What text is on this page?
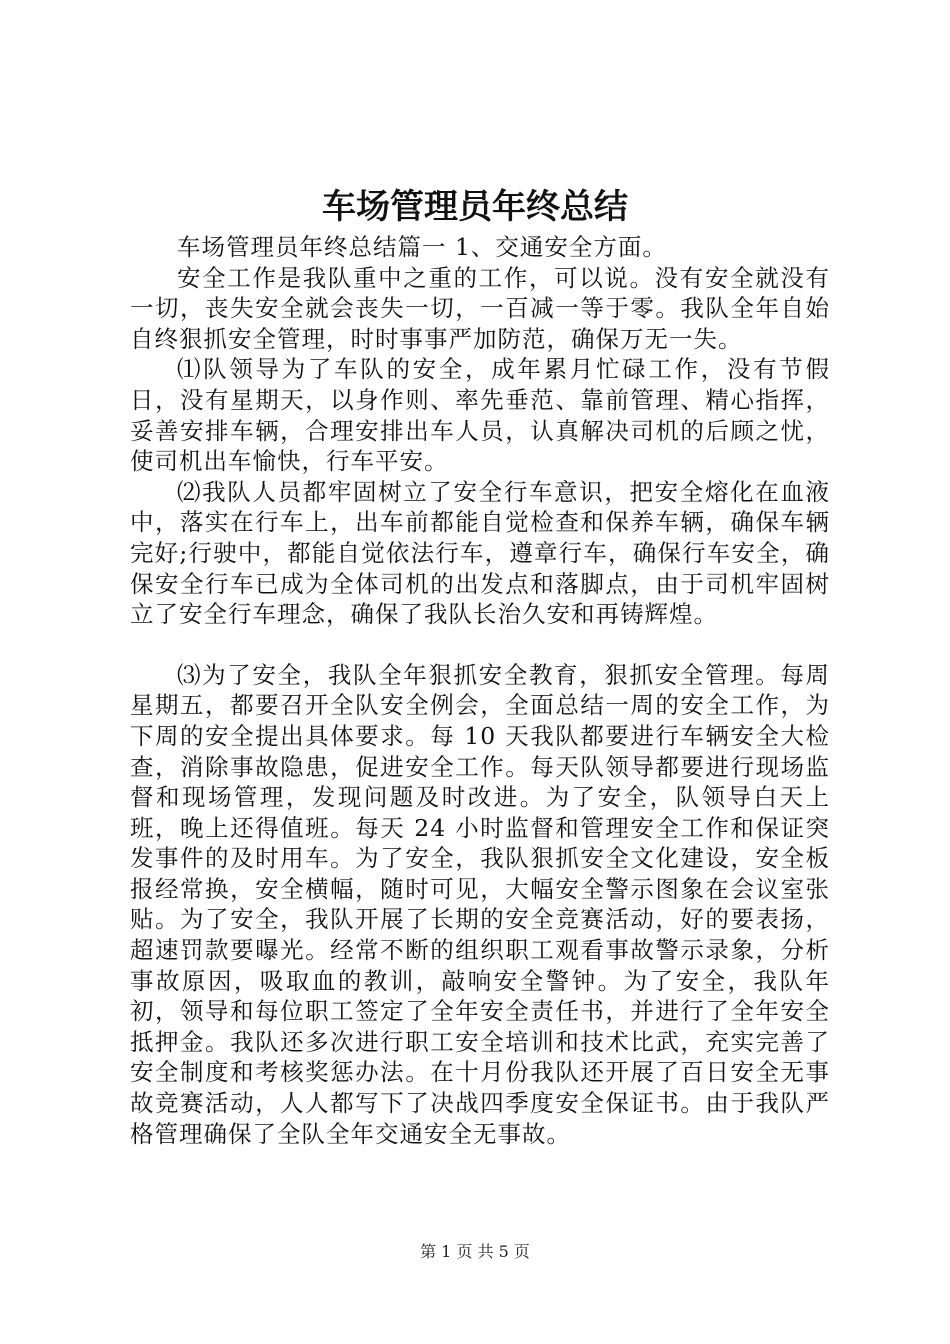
车场管理员年终总结

车场管理员年终总结篇一 1、交通安全方面。

安全工作是我队重中之重的工作，可以说。没有安全就没有一切，丧失安全就会丧失一切，一百减一等于零。我队全年自始自终狠抓安全管理，时时事事严加防范，确保万无一失。

⑴队领导为了车队的安全，成年累月忙碌工作，没有节假日，没有星期天，以身作则、率先垂范、靠前管理、精心指挥，妥善安排车辆，合理安排出车人员，认真解决司机的后顾之忧，使司机出车愉快，行车平安。

⑵我队人员都牢固树立了安全行车意识，把安全熔化在血液中，落实在行车上，出车前都能自觉检查和保养车辆，确保车辆完好;行驶中，都能自觉依法行车，遵章行车，确保行车安全，确保安全行车已成为全体司机的出发点和落脚点，由于司机牢固树立了安全行车理念，确保了我队长治久安和再铸辉煌。

⑶为了安全，我队全年狠抓安全教育，狠抓安全管理。每周星期五，都要召开全队安全例会，全面总结一周的安全工作，为下周的安全提出具体要求。每 10 天我队都要进行车辆安全大检查，消除事故隐患，促进安全工作。每天队领导都要进行现场监督和现场管理，发现问题及时改进。为了安全，队领导白天上班，晚上还得值班。每天 24 小时监督和管理安全工作和保证突发事件的及时用车。为了安全，我队狠抓安全文化建设，安全板报经常换，安全横幅，随时可见，大幅安全警示图象在会议室张贴。为了安全，我队开展了长期的安全竞赛活动，好的要表扬，超速罚款要曝光。经常不断的组织职工观看事故警示录象，分析事故原因，吸取血的教训，敲响安全警钟。为了安全，我队年初，领导和每位职工签定了全年安全责任书，并进行了全年安全抵押金。我队还多次进行职工安全培训和技术比武，充实完善了安全制度和考核奖惩办法。在十月份我队还开展了百日安全无事故竞赛活动，人人都写下了决战四季度安全保证书。由于我队严格管理确保了全队全年交通安全无事故。

第 1 页 共 5 页
